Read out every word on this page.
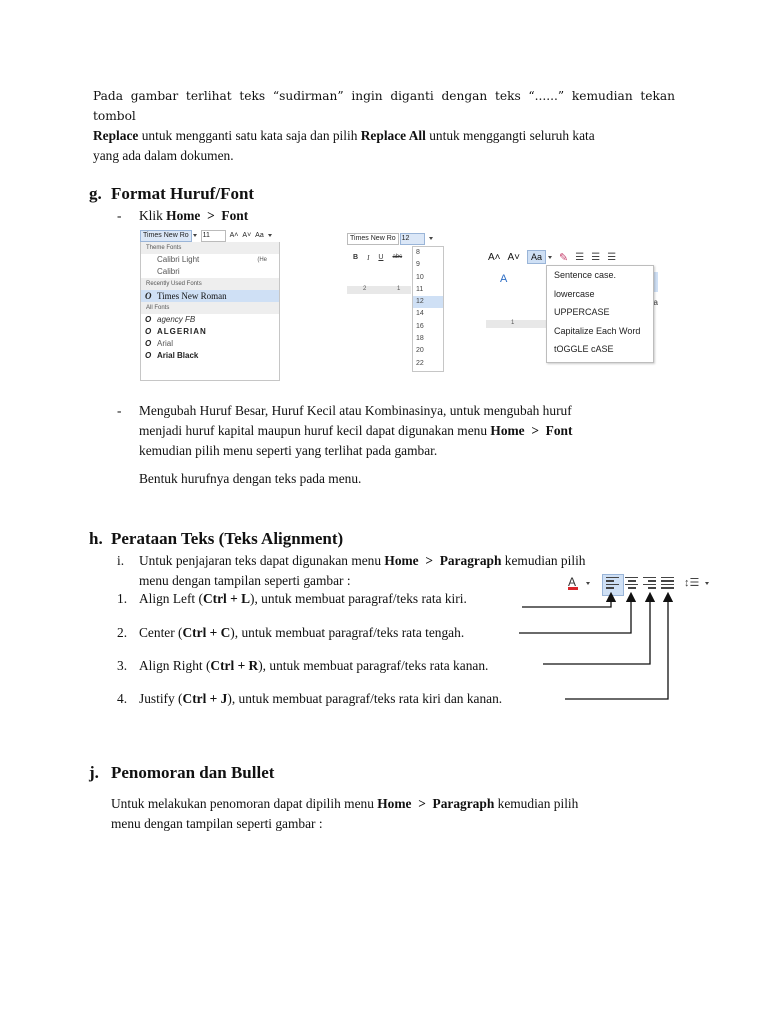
Pada gambar terlihat teks “sudirman” ingin diganti dengan teks “......” kemudian tekan tombol

Replace untuk mengganti satu kata saja dan pilih Replace All untuk menggangti seluruh kata

yang ada dalam dokumen.

g. Format Huruf/Font
- Klik Home > Font
Times New Ro	11	A˄ A˅ Aa
Theme Fonts
Calibri Light	(He
Calibri
Recently Used Fonts
O Times New Roman
All Fonts
O agency FB
O ALGERIAN
O Arial
O Arial Black
Times New Ro 12
B I U abc
2	1
8
9
10
11
12
14
16
18
20
22
A˄ A˅	Aa	✎ ☰ ☰ ☰
A
1
a
Sentence case.
lowercase
UPPERCASE
Capitalize Each Word
tOGGLE cASE
- Mengubah Huruf Besar, Huruf Kecil atau Kombinasinya, untuk mengubah huruf

menjadi huruf kapital maupun huruf kecil dapat digunakan menu Home > Font

kemudian pilih menu seperti yang terlihat pada gambar.

Bentuk hurufnya dengan teks pada menu.

h. Perataan Teks (Teks Alignment)
i. Untuk penjajaran teks dapat digunakan menu Home > Paragraph kemudian pilih

menu dengan tampilan seperti gambar :	A	↕☰
1. Align Left (Ctrl + L), untuk membuat paragraf/teks rata kiri.
2. Center (Ctrl + C), untuk membuat paragraf/teks rata tengah.
3. Align Right (Ctrl + R), untuk membuat paragraf/teks rata kanan.
4. Justify (Ctrl + J), untuk membuat paragraf/teks rata kiri dan kanan.
j. Penomoran dan Bullet

Untuk melakukan penomoran dapat dipilih menu Home > Paragraph kemudian pilih

menu dengan tampilan seperti gambar :
